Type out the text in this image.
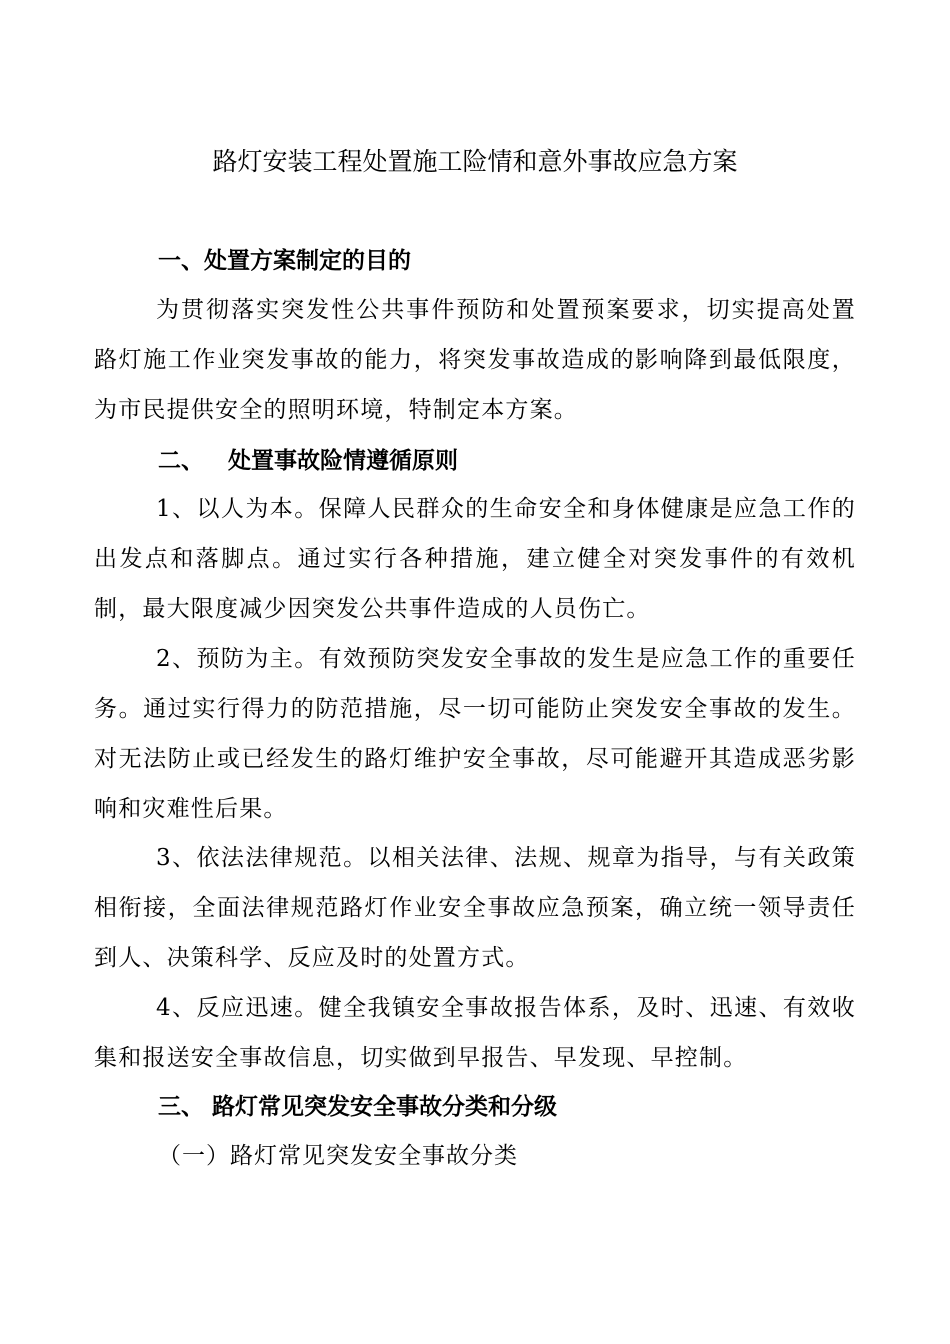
路灯安装工程处置施工险情和意外事故应急方案
一、处置方案制定的目的
为贯彻落实突发性公共事件预防和处置预案要求，切实提高处置路灯施工作业突发事故的能力，将突发事故造成的影响降到最低限度，为市民提供安全的照明环境，特制定本方案。
二、   处置事故险情遵循原则
1、以人为本。保障人民群众的生命安全和身体健康是应急工作的出发点和落脚点。通过实行各种措施，建立健全对突发事件的有效机制，最大限度减少因突发公共事件造成的人员伤亡。
2、预防为主。有效预防突发安全事故的发生是应急工作的重要任务。通过实行得力的防范措施，尽一切可能防止突发安全事故的发生。对无法防止或已经发生的路灯维护安全事故，尽可能避开其造成恶劣影响和灾难性后果。
3、依法法律规范。以相关法律、法规、规章为指导，与有关政策相衔接，全面法律规范路灯作业安全事故应急预案，确立统一领导责任到人、决策科学、反应及时的处置方式。
4、反应迅速。健全我镇安全事故报告体系，及时、迅速、有效收集和报送安全事故信息，切实做到早报告、早发现、早控制。
三、 路灯常见突发安全事故分类和分级
（一）路灯常见突发安全事故分类
